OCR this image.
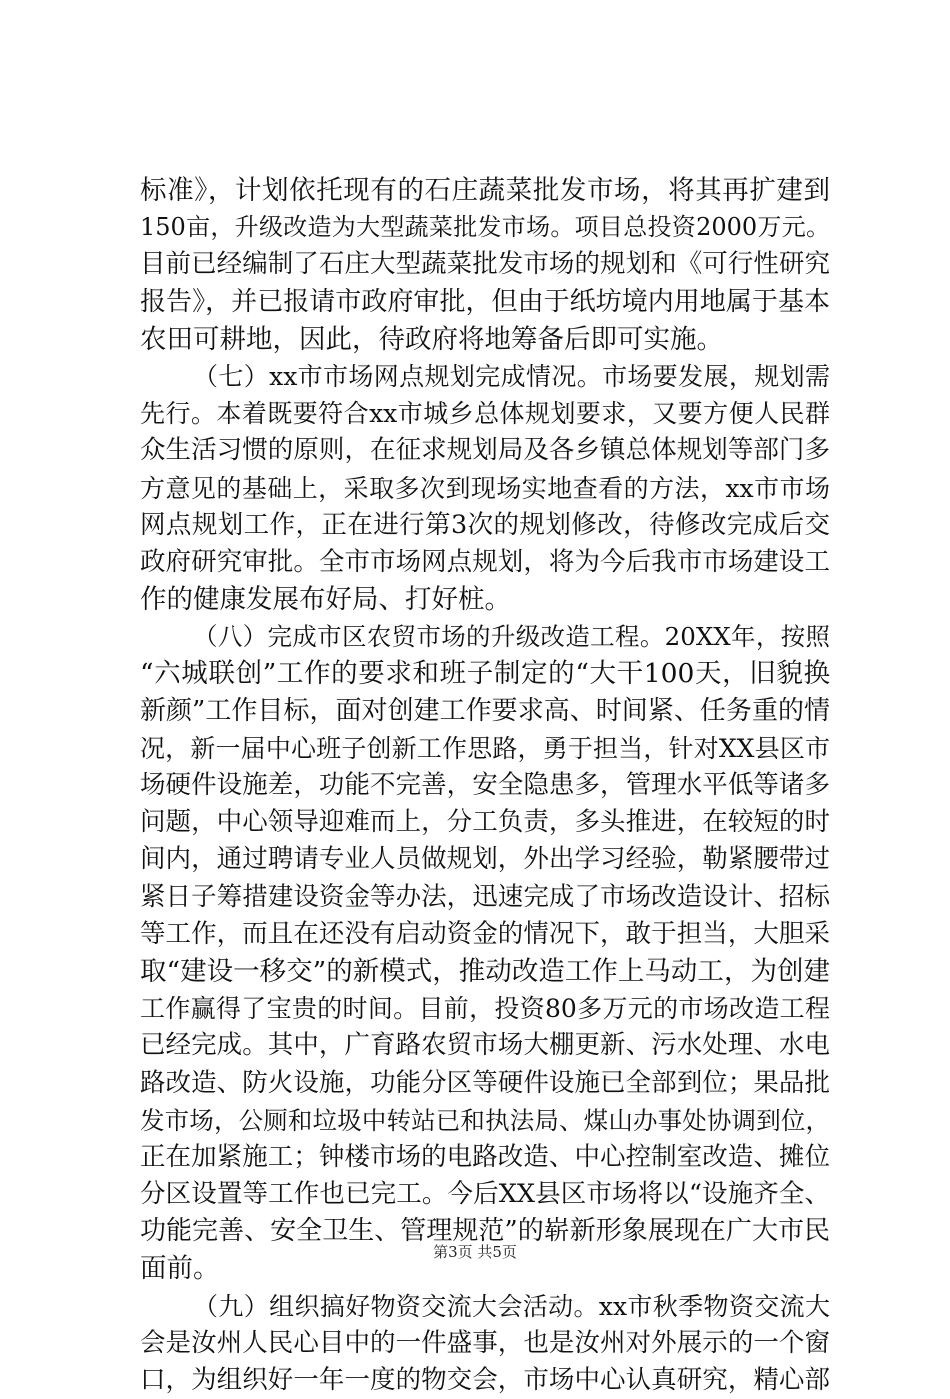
标准》，计划依托现有的石庄蔬菜批发市场，将其再扩建到
150亩，升级改造为大型蔬菜批发市场。项目总投资2000万元。
目前已经编制了石庄大型蔬菜批发市场的规划和《可行性研究
报告》，并已报请市政府审批，但由于纸坊境内用地属于基本
农田可耕地，因此，待政府将地筹备后即可实施。
（七）xx市市场网点规划完成情况。市场要发展，规划需
先行。本着既要符合xx市城乡总体规划要求，又要方便人民群
众生活习惯的原则，在征求规划局及各乡镇总体规划等部门多
方意见的基础上，采取多次到现场实地查看的方法，xx市市场
网点规划工作，正在进行第3次的规划修改，待修改完成后交
政府研究审批。全市市场网点规划，将为今后我市市场建设工
作的健康发展布好局、打好桩。
（八）完成市区农贸市场的升级改造工程。20XX年，按照
“六城联创”工作的要求和班子制定的“大干100天，旧貌换
新颜”工作目标，面对创建工作要求高、时间紧、任务重的情
况，新一届中心班子创新工作思路，勇于担当，针对XX县区市
场硬件设施差，功能不完善，安全隐患多，管理水平低等诸多
问题，中心领导迎难而上，分工负责，多头推进，在较短的时
间内，通过聘请专业人员做规划，外出学习经验，勒紧腰带过
紧日子筹措建设资金等办法，迅速完成了市场改造设计、招标
等工作，而且在还没有启动资金的情况下，敢于担当，大胆采
取“建设一移交”的新模式，推动改造工作上马动工，为创建
工作赢得了宝贵的时间。目前，投资80多万元的市场改造工程
已经完成。其中，广育路农贸市场大棚更新、污水处理、水电
路改造、防火设施，功能分区等硬件设施已全部到位；果品批
发市场，公厕和垃圾中转站已和执法局、煤山办事处协调到位，
正在加紧施工；钟楼市场的电路改造、中心控制室改造、摊位
分区设置等工作也已完工。今后XX县区市场将以“设施齐全、
功能完善、安全卫生、管理规范”的崭新形象展现在广大市民
面前。
（九）组织搞好物资交流大会活动。xx市秋季物资交流大
会是汝州人民心目中的一件盛事，也是汝州对外展示的一个窗
口，为组织好一年一度的物交会，市场中心认真研究，精心部
第3页 共5页
